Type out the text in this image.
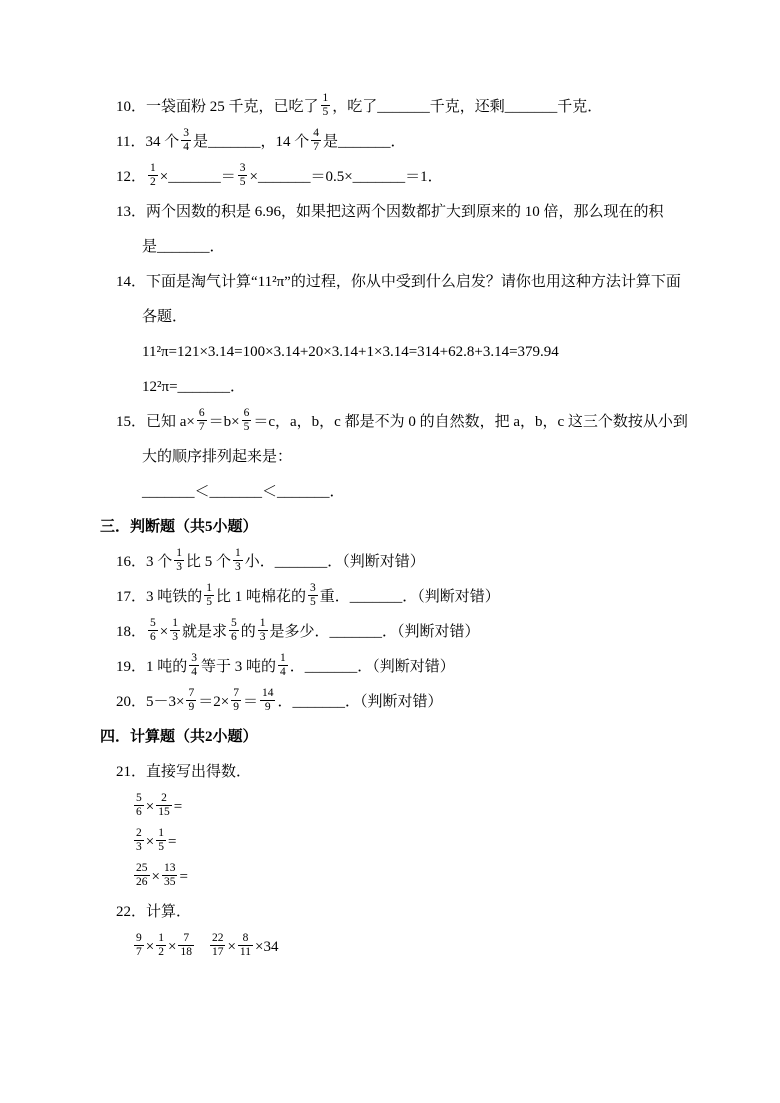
10．一袋面粉 25 千克，已吃了 $\frac{1}{5}$ ，吃了_______千克，还剩_______千克．
11．34 个 $\frac{3}{4}$ 是_______，14 个 $\frac{4}{7}$ 是_______．
12． $\frac{1}{2}$ ×_______＝ $\frac{3}{5}$ ×_______＝0.5×_______＝1．
13．两个因数的积是 6.96，如果把这两个因数都扩大到原来的 10 倍，那么现在的积
是_______．
14．下面是淘气计算“11²π”的过程，你从中受到什么启发？请你也用这种方法计算下面
各题．
11²π=121×3.14=100×3.14+20×3.14+1×3.14=314+62.8+3.14=379.94
12²π=_______．
15．已知 $a\times \frac{6}{7} =b\times \frac{6}{5} =c$，a，b，c 都是不为 0 的自然数，把 a，b，c 这三个数按从小到
大的顺序排列起来是：
_______＜_______＜_______．
三．判断题（共5小题）
16．3 个 $\frac{1}{3}$ 比 5 个 $\frac{1}{3}$ 小．_______．（判断对错）
17．3 吨铁的 $\frac{1}{5}$ 比 1 吨棉花的 $\frac{3}{5}$ 重．_______．（判断对错）
18． $\frac{5}{6} \times \frac{1}{3}$ 就是求 $\frac{5}{6}$ 的 $\frac{1}{3}$ 是多少．_______．（判断对错）
19．1 吨的 $\frac{3}{4}$ 等于 3 吨的 $\frac{1}{4}$ ．_______．（判断对错）
20．$5-3\times \frac{7}{9} =2\times \frac{7}{9} = \frac{14}{9}$ ．_______．（判断对错）
四．计算题（共2小题）
21．直接写出得数．
$\frac{5}{6} \times \frac{2}{15}$ =
$\frac{2}{3} \times \frac{1}{5}$ =
$\frac{25}{26} \times \frac{13}{35}$ =
22．计算．
$\frac{9}{7} \times \frac{1}{2} \times \frac{7}{18} \frac{22}{17} \times \frac{8}{11} \times 34$
